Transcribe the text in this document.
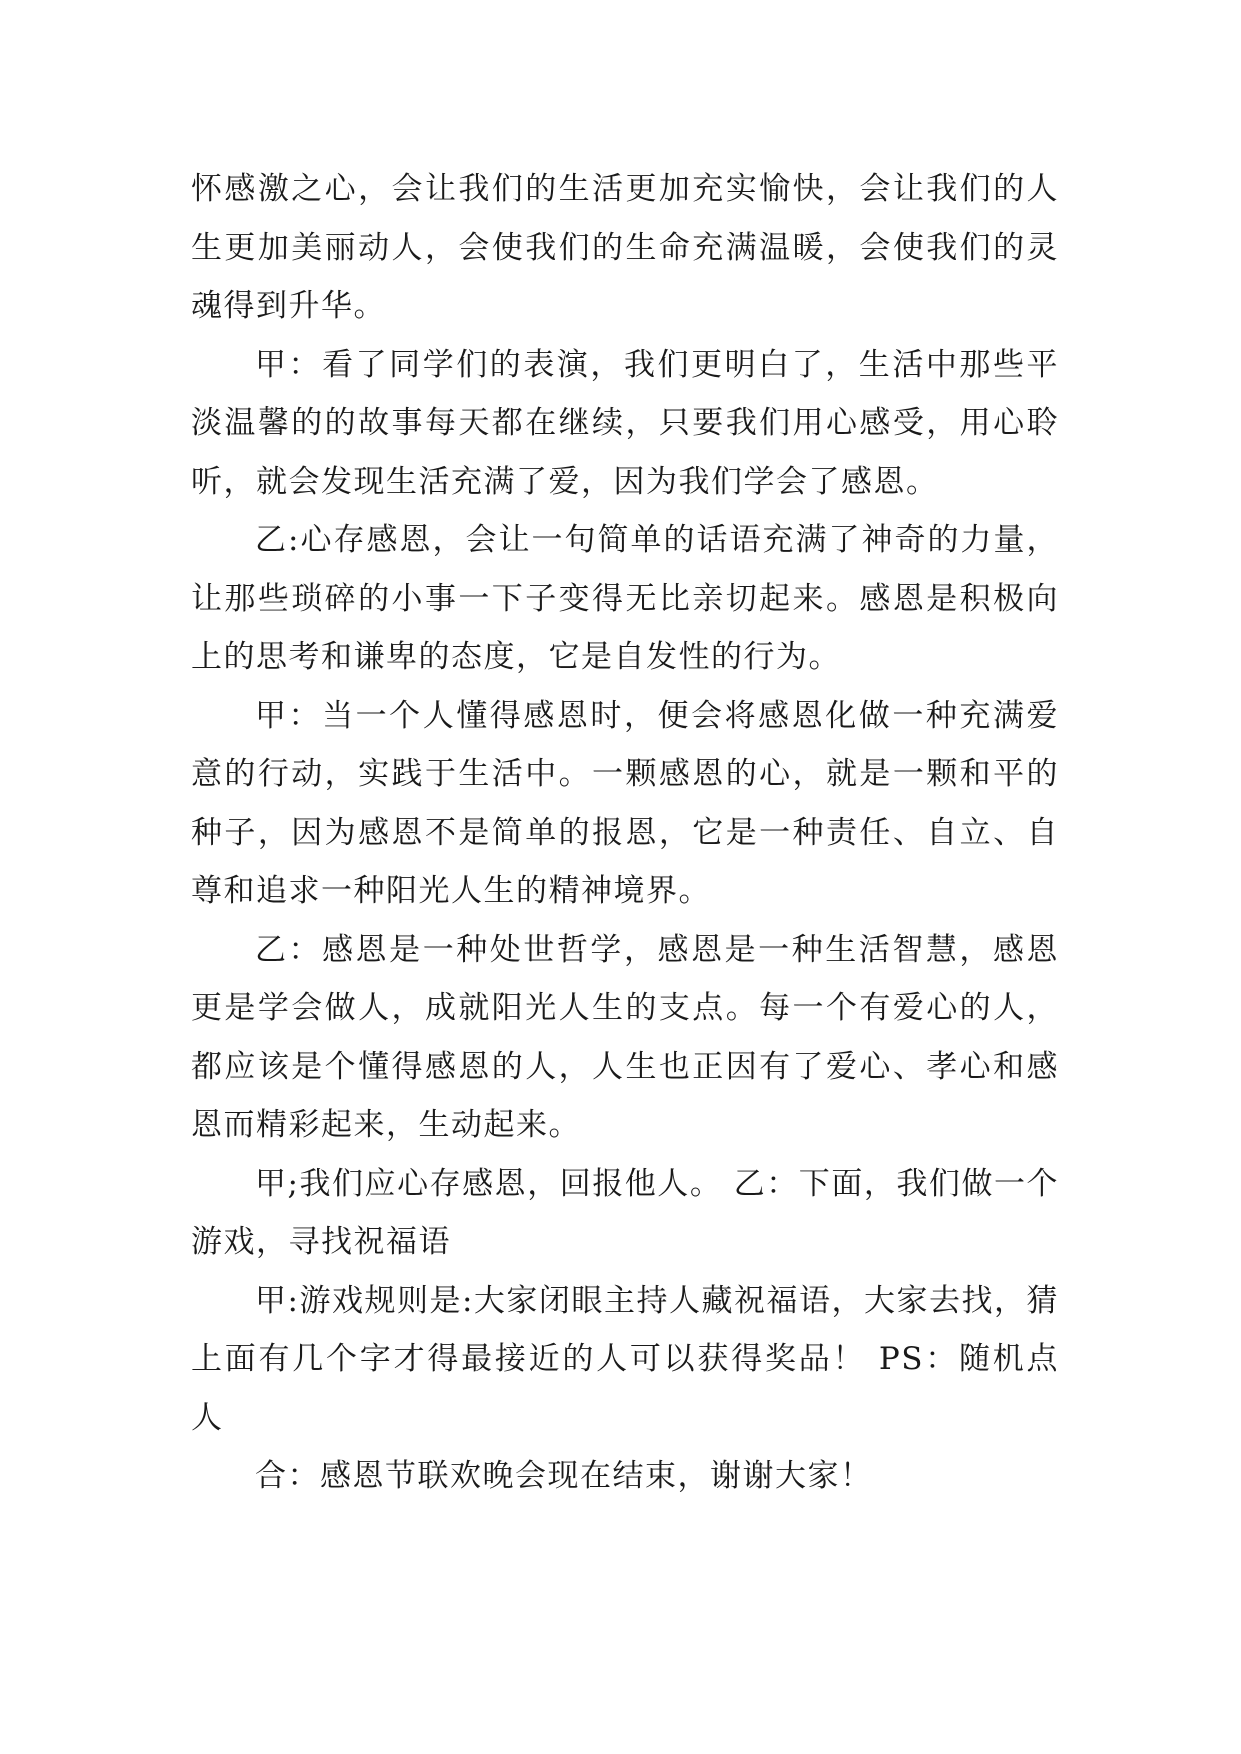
怀感激之心，会让我们的生活更加充实愉快，会让我们的人生更加美丽动人，会使我们的生命充满温暖，会使我们的灵魂得到升华。

甲：看了同学们的表演，我们更明白了，生活中那些平淡温馨的的故事每天都在继续，只要我们用心感受，用心聆听，就会发现生活充满了爱，因为我们学会了感恩。

乙:心存感恩，会让一句简单的话语充满了神奇的力量，让那些琐碎的小事一下子变得无比亲切起来。感恩是积极向上的思考和谦卑的态度，它是自发性的行为。

甲：当一个人懂得感恩时，便会将感恩化做一种充满爱意的行动，实践于生活中。一颗感恩的心，就是一颗和平的种子，因为感恩不是简单的报恩，它是一种责任、自立、自尊和追求一种阳光人生的精神境界。

乙：感恩是一种处世哲学，感恩是一种生活智慧，感恩更是学会做人，成就阳光人生的支点。每一个有爱心的人，都应该是个懂得感恩的人，人生也正因有了爱心、孝心和感恩而精彩起来，生动起来。

甲;我们应心存感恩，回报他人。 乙：下面，我们做一个游戏，寻找祝福语

甲:游戏规则是:大家闭眼主持人藏祝福语，大家去找，猜上面有几个字才得最接近的人可以获得奖品！ PS：随机点人

合：感恩节联欢晚会现在结束，谢谢大家！
